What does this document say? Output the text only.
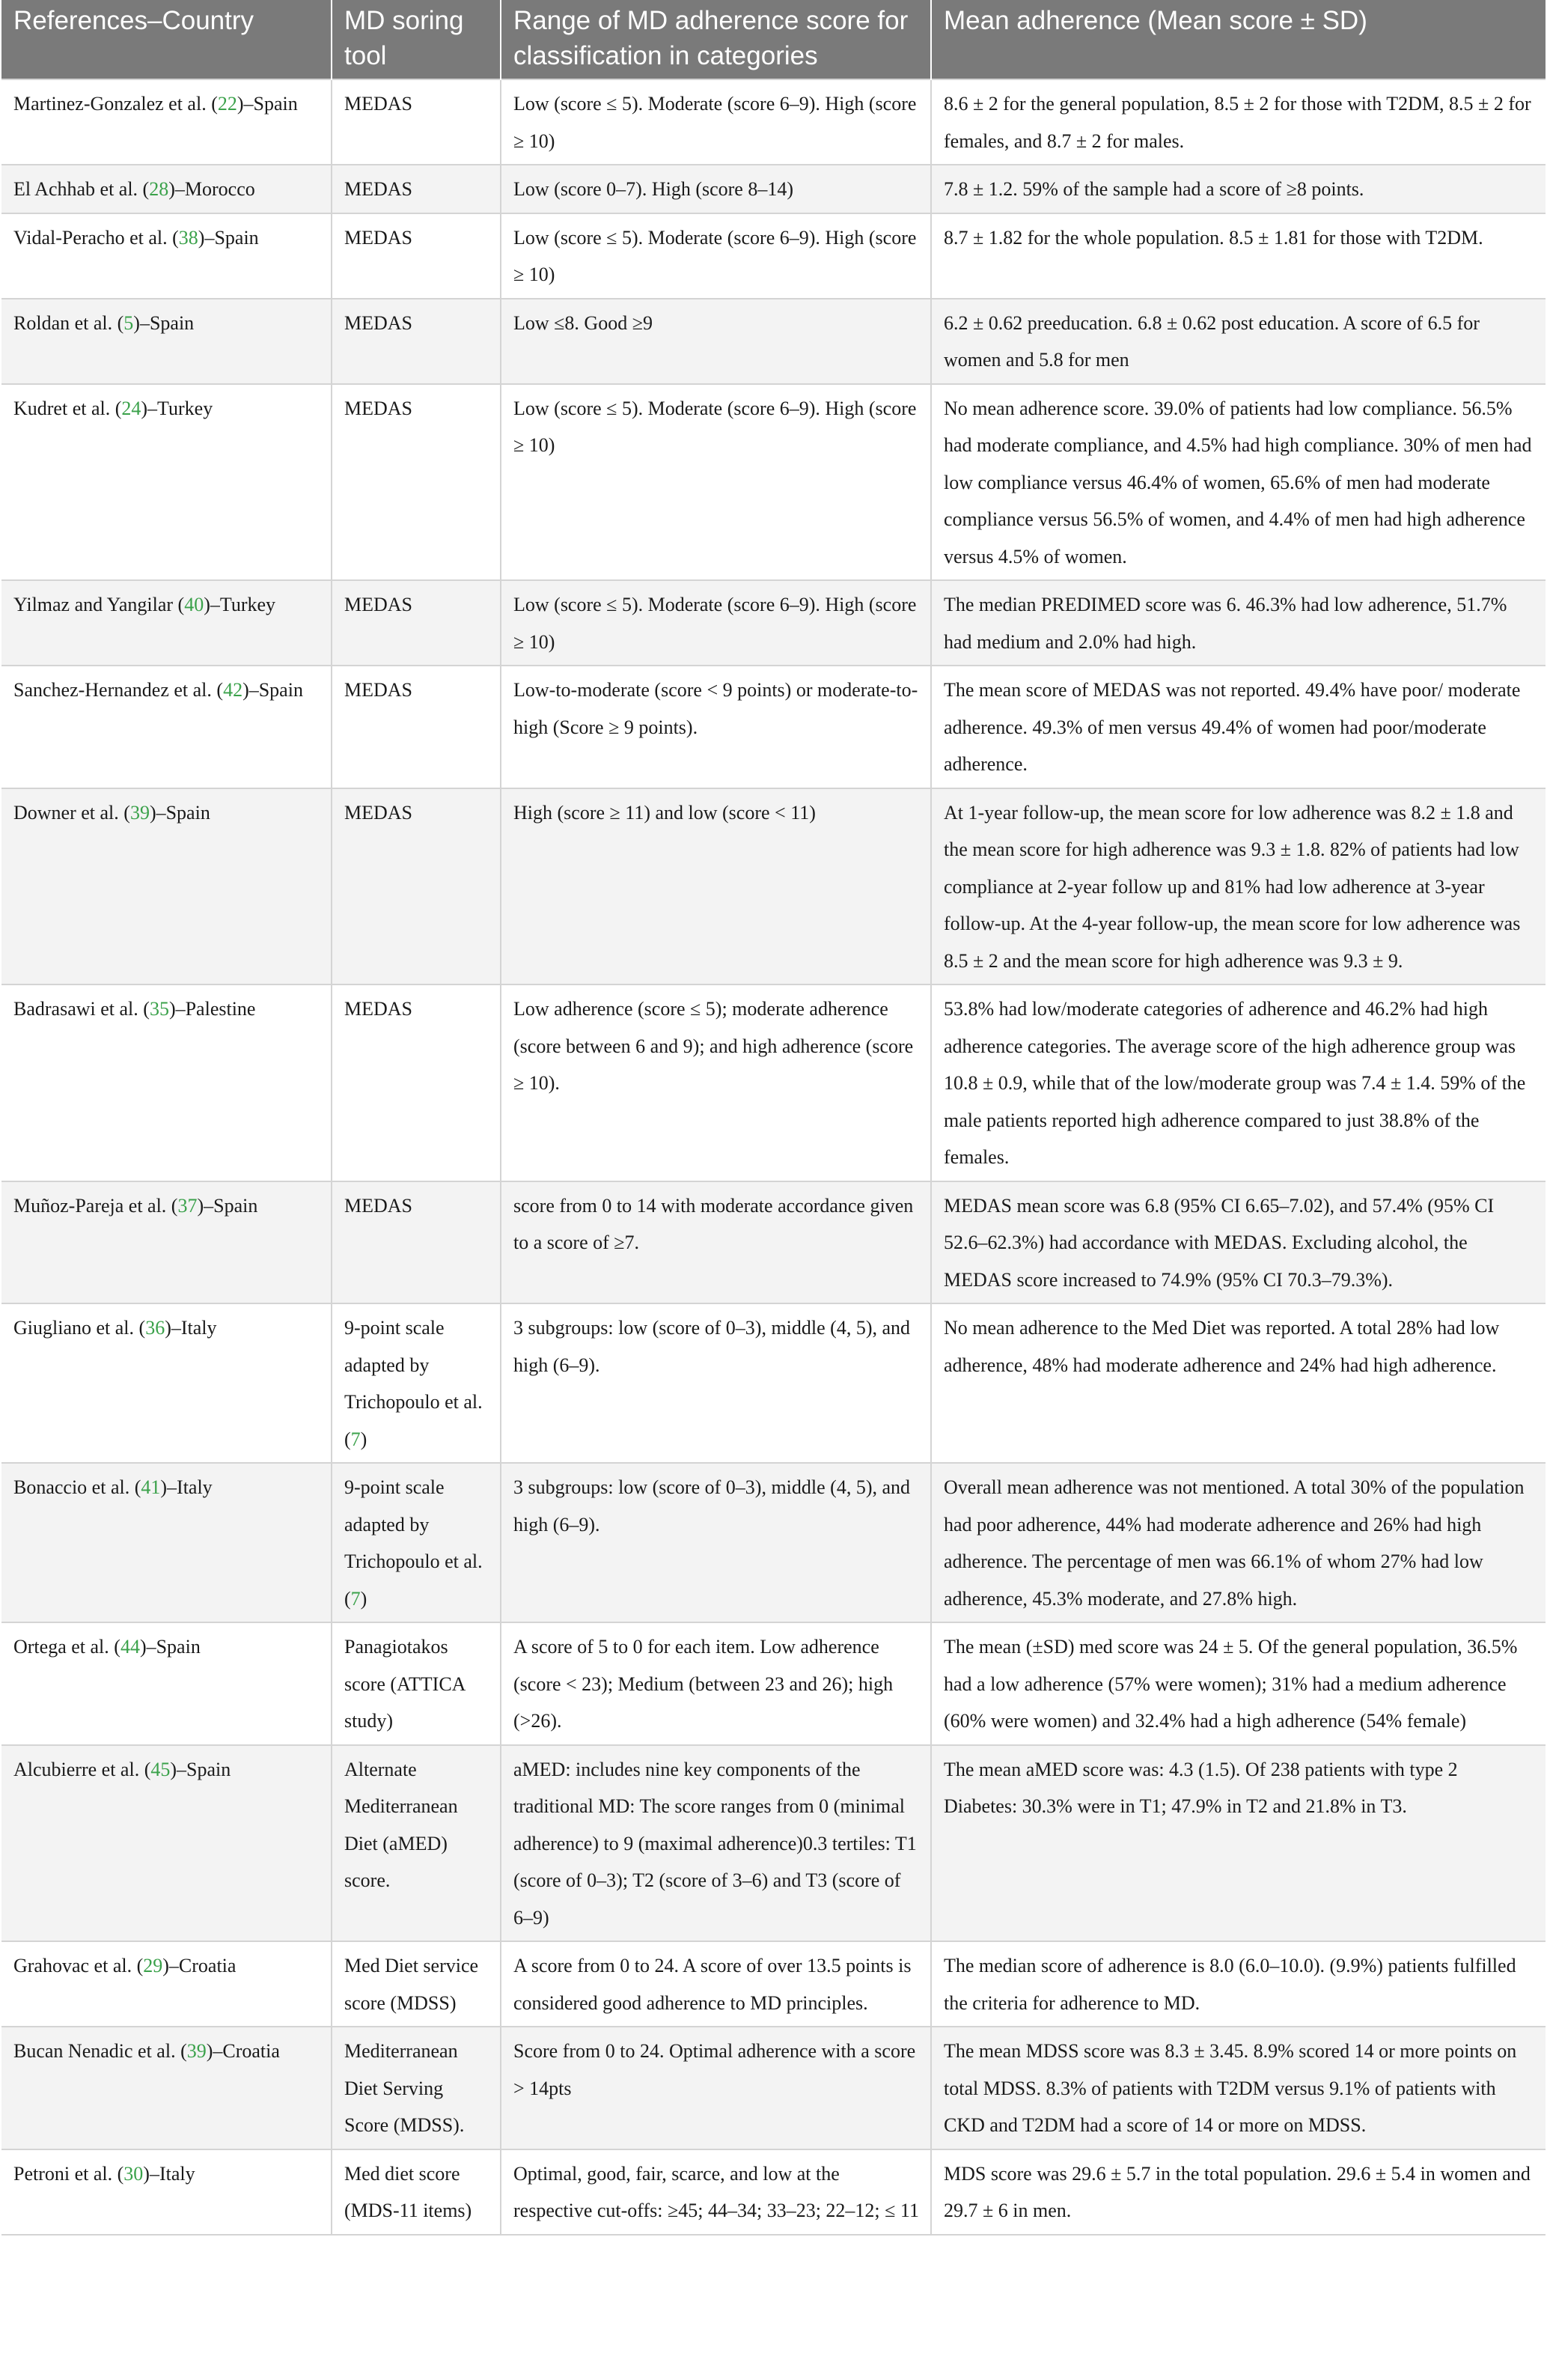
References–Country	MD soring tool	Range of MD adherence score for classification in categories	Mean adherence (Mean score ± SD)
Martinez-Gonzalez et al. (22)–Spain	MEDAS	Low (score ≤ 5). Moderate (score 6–9). High (score ≥ 10)	8.6 ± 2 for the general population, 8.5 ± 2 for those with T2DM, 8.5 ± 2 for females, and 8.7 ± 2 for males.
El Achhab et al. (28)–Morocco	MEDAS	Low (score 0–7). High (score 8–14)	7.8 ± 1.2. 59% of the sample had a score of ≥8 points.
Vidal-Peracho et al. (38)–Spain	MEDAS	Low (score ≤ 5). Moderate (score 6–9). High (score ≥ 10)	8.7 ± 1.82 for the whole population. 8.5 ± 1.81 for those with T2DM.
Roldan et al. (5)–Spain	MEDAS	Low ≤8. Good ≥9	6.2 ± 0.62 preeducation. 6.8 ± 0.62 post education. A score of 6.5 for women and 5.8 for men
Kudret et al. (24)–Turkey	MEDAS	Low (score ≤ 5). Moderate (score 6–9). High (score ≥ 10)	No mean adherence score. 39.0% of patients had low compliance. 56.5% had moderate compliance, and 4.5% had high compliance. 30% of men had low compliance versus 46.4% of women, 65.6% of men had moderate compliance versus 56.5% of women, and 4.4% of men had high adherence versus 4.5% of women.
Yilmaz and Yangilar (40)–Turkey	MEDAS	Low (score ≤ 5). Moderate (score 6–9). High (score ≥ 10)	The median PREDIMED score was 6. 46.3% had low adherence, 51.7% had medium and 2.0% had high.
Sanchez-Hernandez et al. (42)–Spain	MEDAS	Low-to-moderate (score < 9 points) or moderate-to-high (Score ≥ 9 points).	The mean score of MEDAS was not reported. 49.4% have poor/ moderate adherence. 49.3% of men versus 49.4% of women had poor/moderate adherence.
Downer et al. (39)–Spain	MEDAS	High (score ≥ 11) and low (score < 11)	At 1-year follow-up, the mean score for low adherence was 8.2 ± 1.8 and the mean score for high adherence was 9.3 ± 1.8. 82% of patients had low compliance at 2-year follow up and 81% had low adherence at 3-year follow-up. At the 4-year follow-up, the mean score for low adherence was 8.5 ± 2 and the mean score for high adherence was 9.3 ± 9.
Badrasawi et al. (35)–Palestine	MEDAS	Low adherence (score ≤ 5); moderate adherence (score between 6 and 9); and high adherence (score ≥ 10).	53.8% had low/moderate categories of adherence and 46.2% had high adherence categories. The average score of the high adherence group was 10.8 ± 0.9, while that of the low/moderate group was 7.4 ± 1.4. 59% of the male patients reported high adherence compared to just 38.8% of the females.
Muñoz-Pareja et al. (37)–Spain	MEDAS	score from 0 to 14 with moderate accordance given to a score of ≥7.	MEDAS mean score was 6.8 (95% CI 6.65–7.02), and 57.4% (95% CI 52.6–62.3%) had accordance with MEDAS. Excluding alcohol, the MEDAS score increased to 74.9% (95% CI 70.3–79.3%).
Giugliano et al. (36)–Italy	9-point scale adapted by Trichopoulo et al. (7)	3 subgroups: low (score of 0–3), middle (4, 5), and high (6–9).	No mean adherence to the Med Diet was reported. A total 28% had low adherence, 48% had moderate adherence and 24% had high adherence.
Bonaccio et al. (41)–Italy	9-point scale adapted by Trichopoulo et al. (7)	3 subgroups: low (score of 0–3), middle (4, 5), and high (6–9).	Overall mean adherence was not mentioned. A total 30% of the population had poor adherence, 44% had moderate adherence and 26% had high adherence. The percentage of men was 66.1% of whom 27% had low adherence, 45.3% moderate, and 27.8% high.
Ortega et al. (44)–Spain	Panagiotakos score (ATTICA study)	A score of 5 to 0 for each item. Low adherence (score < 23); Medium (between 23 and 26); high (>26).	The mean (±SD) med score was 24 ± 5. Of the general population, 36.5% had a low adherence (57% were women); 31% had a medium adherence (60% were women) and 32.4% had a high adherence (54% female)
Alcubierre et al. (45)–Spain	Alternate Mediterranean Diet (aMED) score.	aMED: includes nine key components of the traditional MD: The score ranges from 0 (minimal adherence) to 9 (maximal adherence)0.3 tertiles: T1 (score of 0–3); T2 (score of 3–6) and T3 (score of 6–9)	The mean aMED score was: 4.3 (1.5). Of 238 patients with type 2 Diabetes: 30.3% were in T1; 47.9% in T2 and 21.8% in T3.
Grahovac et al. (29)–Croatia	Med Diet service score (MDSS)	A score from 0 to 24. A score of over 13.5 points is considered good adherence to MD principles.	The median score of adherence is 8.0 (6.0–10.0). (9.9%) patients fulfilled the criteria for adherence to MD.
Bucan Nenadic et al. (39)–Croatia	Mediterranean Diet Serving Score (MDSS).	Score from 0 to 24. Optimal adherence with a score > 14pts	The mean MDSS score was 8.3 ± 3.45. 8.9% scored 14 or more points on total MDSS. 8.3% of patients with T2DM versus 9.1% of patients with CKD and T2DM had a score of 14 or more on MDSS.
Petroni et al. (30)–Italy	Med diet score (MDS-11 items)	Optimal, good, fair, scarce, and low at the respective cut-offs: ≥45; 44–34; 33–23; 22–12; ≤ 11	MDS score was 29.6 ± 5.7 in the total population. 29.6 ± 5.4 in women and 29.7 ± 6 in men.
